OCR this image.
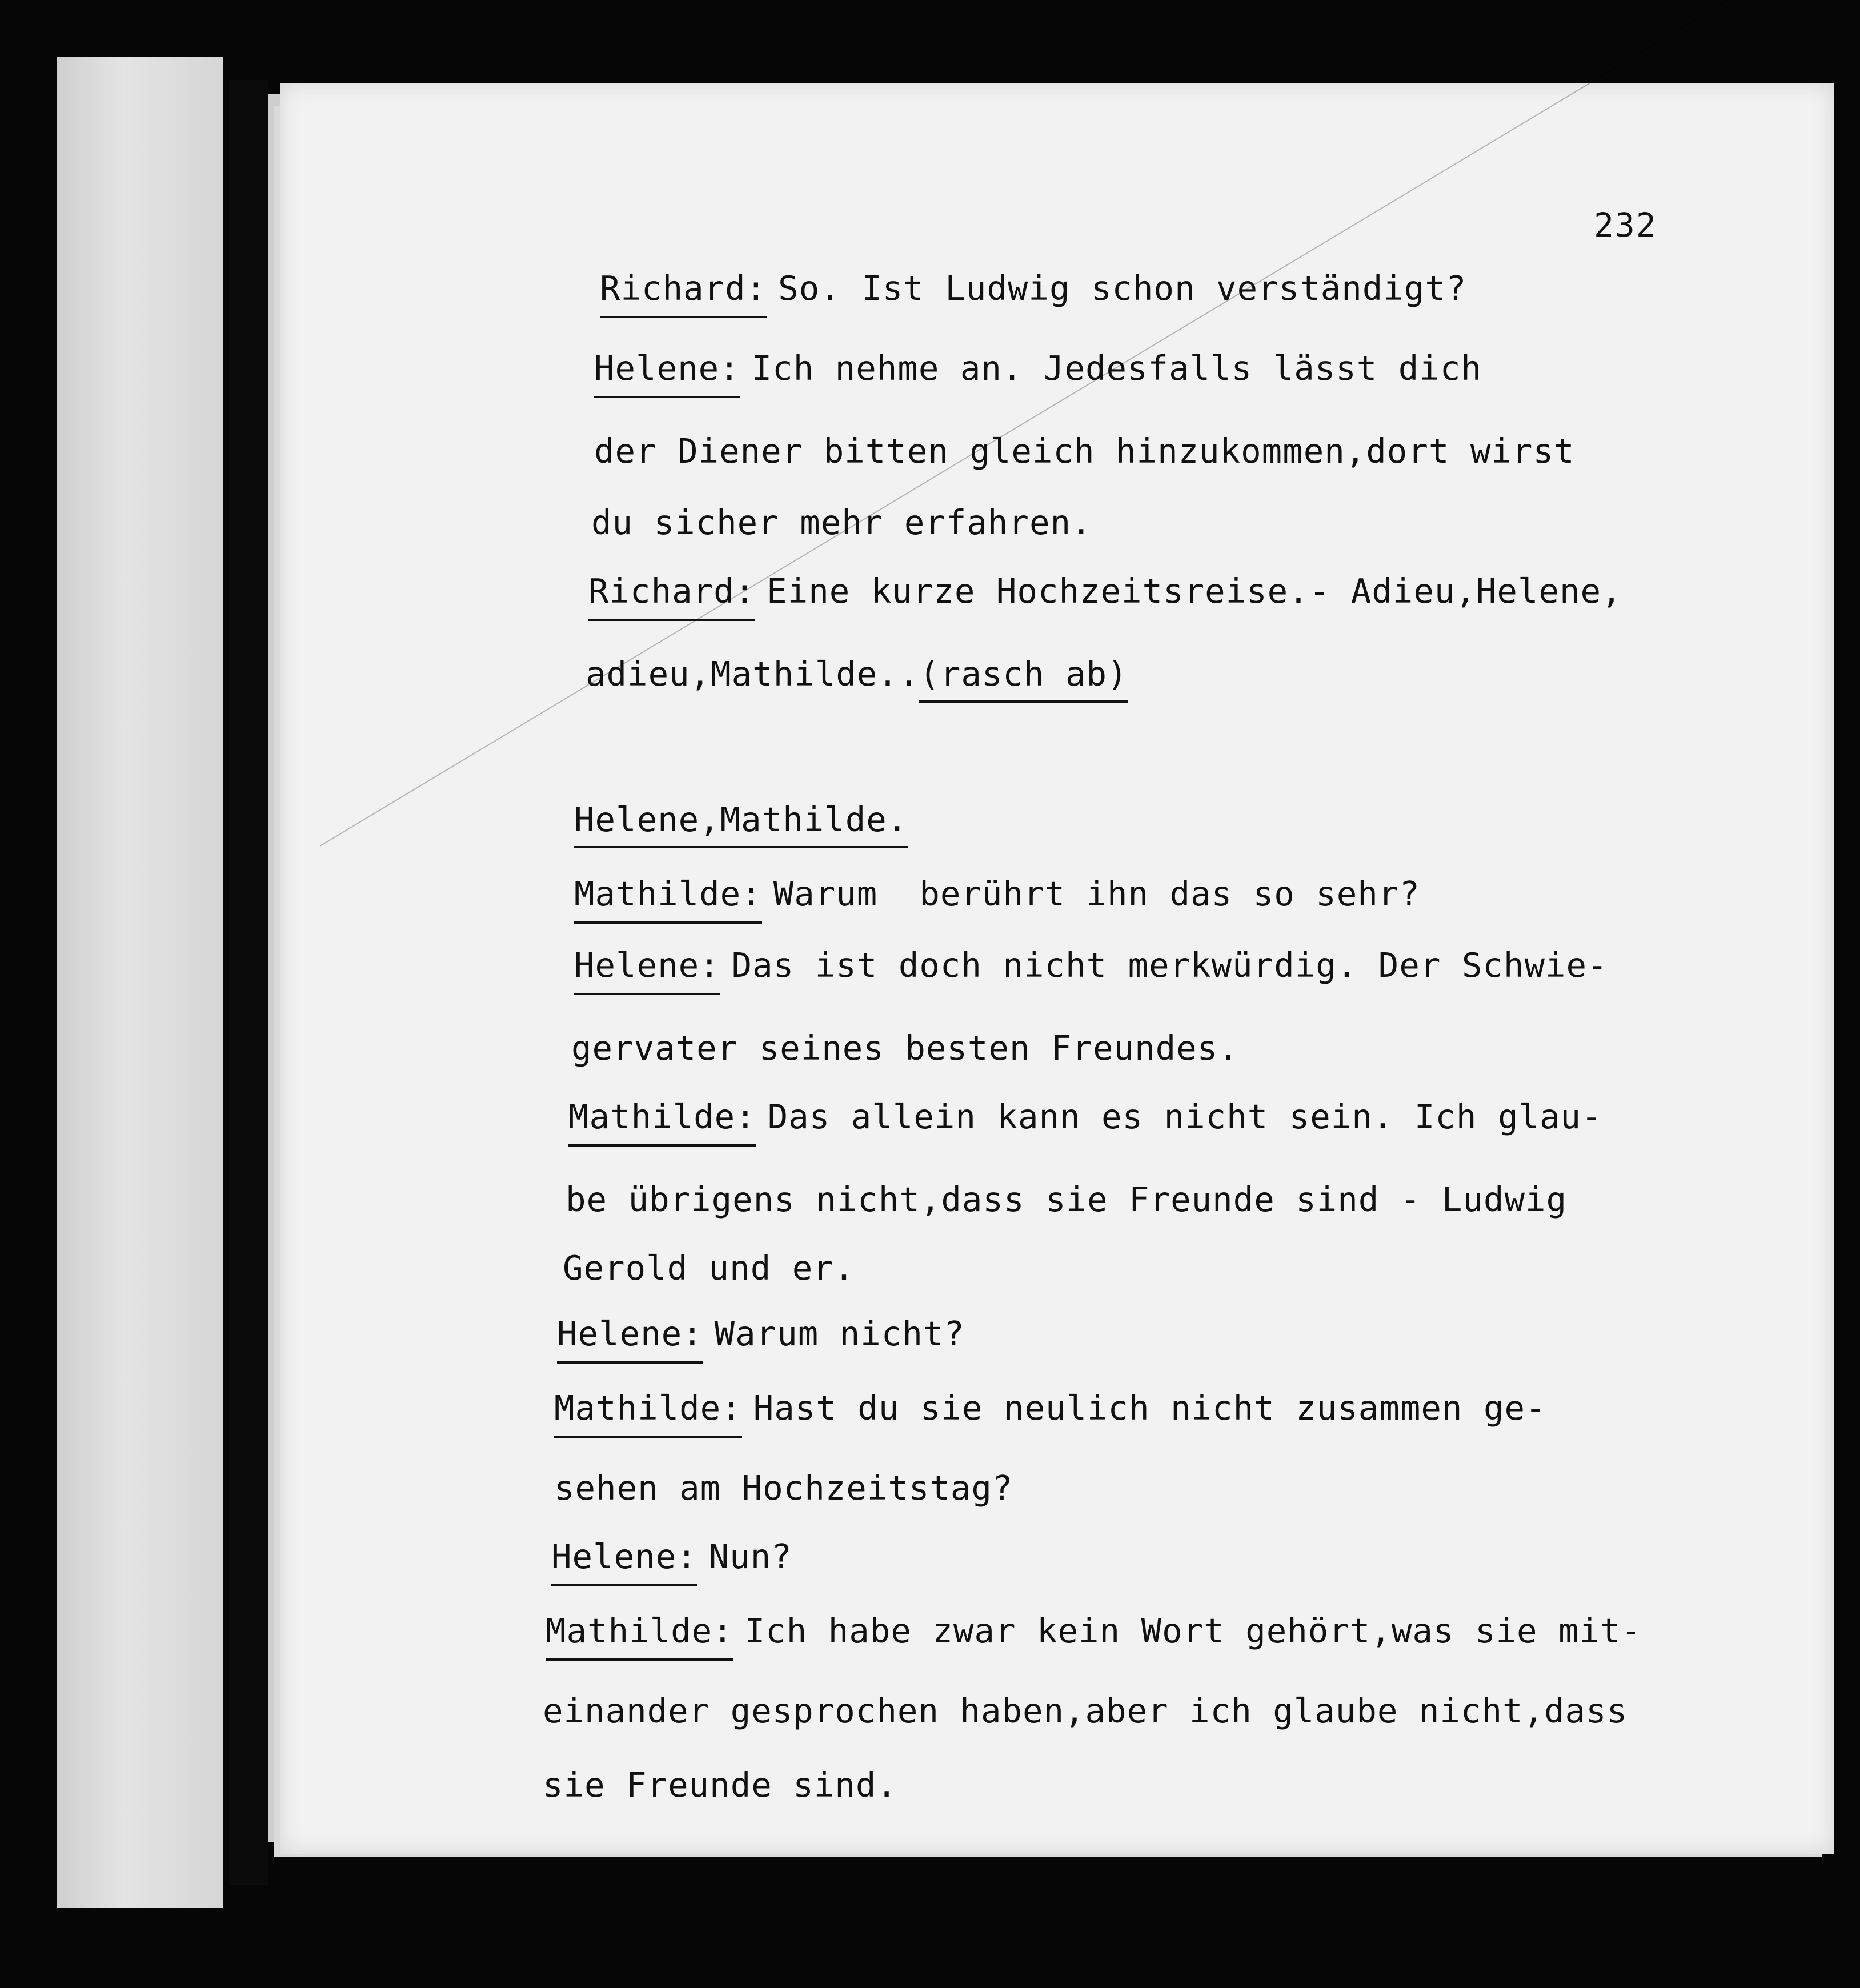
232
Richard: So. Ist Ludwig schon verständigt?
Helene: Ich nehme an. Jedesfalls lässt dich
der Diener bitten gleich hinzukommen,dort wirst
du sicher mehr erfahren.
Richard: Eine kurze Hochzeitsreise.- Adieu,Helene,
adieu,Mathilde..(rasch ab)
Helene,Mathilde.
Mathilde: Warum  berührt ihn das so sehr?
Helene: Das ist doch nicht merkwürdig. Der Schwie-
gervater seines besten Freundes.
Mathilde: Das allein kann es nicht sein. Ich glau-
be übrigens nicht,dass sie Freunde sind - Ludwig
Gerold und er.
Helene: Warum nicht?
Mathilde: Hast du sie neulich nicht zusammen ge-
sehen am Hochzeitstag?
Helene: Nun?
Mathilde: Ich habe zwar kein Wort gehört,was sie mit-
einander gesprochen haben,aber ich glaube nicht,dass
sie Freunde sind.
